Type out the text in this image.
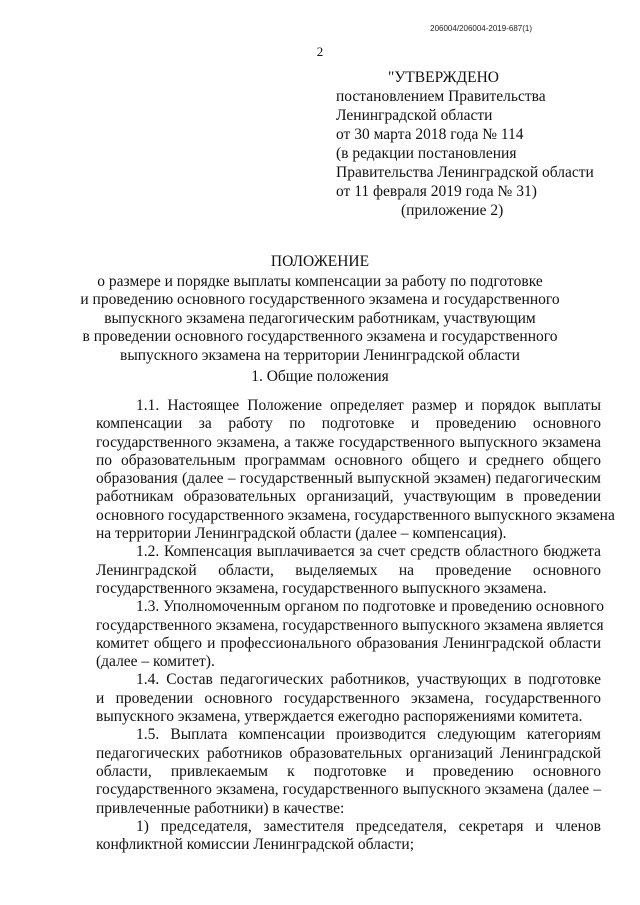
206004/206004-2019-687(1)
2
"УТВЕРЖДЕНО
постановлением Правительства
Ленинградской области
от 30 марта 2018 года № 114
(в редакции постановления
Правительства Ленинградской области
от 11 февраля 2019 года № 31)
(приложение 2)
ПОЛОЖЕНИЕ
о размере и порядке выплаты компенсации за работу по подготовке
и проведению основного государственного экзамена и государственного
выпускного экзамена педагогическим работникам, участвующим
в проведении основного государственного экзамена и государственного
выпускного экзамена на территории Ленинградской области
1. Общие положения
1.1. Настоящее Положение определяет размер и порядок выплаты
компенсации за работу по подготовке и проведению основного
государственного экзамена, а также государственного выпускного экзамена
по образовательным программам основного общего и среднего общего
образования (далее – государственный выпускной экзамен) педагогическим
работникам образовательных организаций, участвующим в проведении
основного государственного экзамена, государственного выпускного экзамена
на территории Ленинградской области (далее – компенсация).
1.2. Компенсация выплачивается за счет средств областного бюджета
Ленинградской области, выделяемых на проведение основного
государственного экзамена, государственного выпускного экзамена.
1.3. Уполномоченным органом по подготовке и проведению основного
государственного экзамена, государственного выпускного экзамена является
комитет общего и профессионального образования Ленинградской области
(далее – комитет).
1.4. Состав педагогических работников, участвующих в подготовке
и проведении основного государственного экзамена, государственного
выпускного экзамена, утверждается ежегодно распоряжениями комитета.
1.5. Выплата компенсации производится следующим категориям
педагогических работников образовательных организаций Ленинградской
области, привлекаемым к подготовке и проведению основного
государственного экзамена, государственного выпускного экзамена (далее –
привлеченные работники) в качестве:
1) председателя, заместителя председателя, секретаря и членов
конфликтной комиссии Ленинградской области;
